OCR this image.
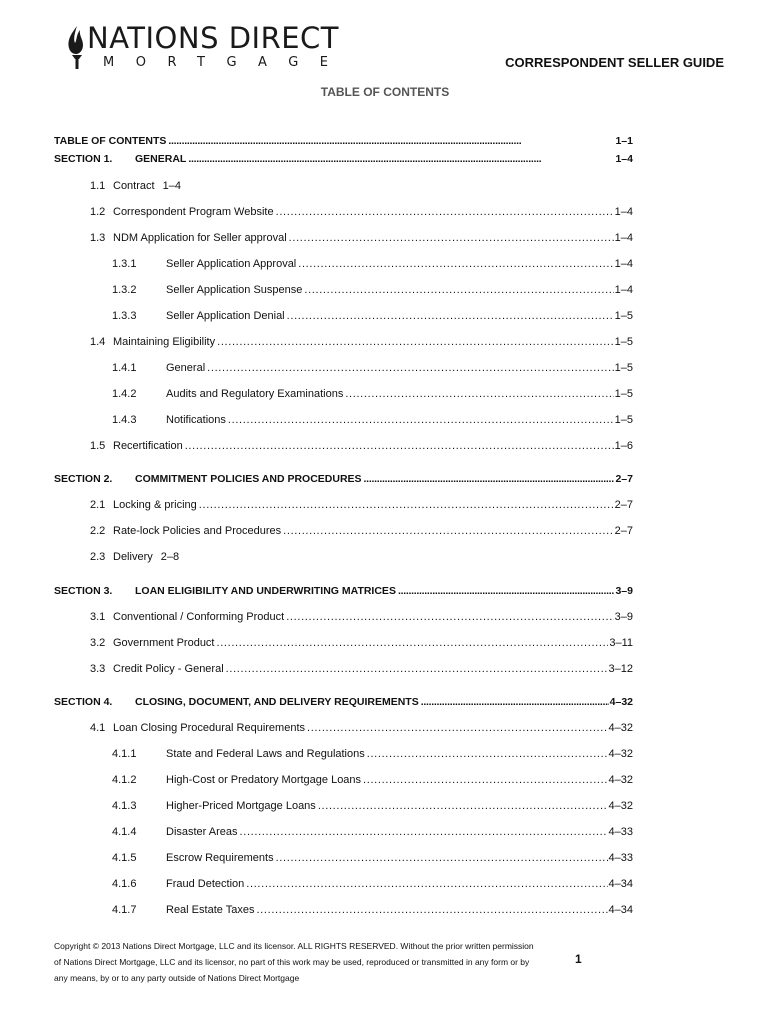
NATIONS DIRECT
MORTGAGE	CORRESPONDENT SELLER GUIDE
TABLE OF CONTENTS
TABLE OF CONTENTS . . .	1–1
SECTION 1.	GENERAL . . .	1–4
1.1 Contract 1–4
1.2 Correspondent Program Website . . .	1–4
1.3 NDM Application for Seller approval . . .	1–4
1.3.1	Seller Application Approval . . .	1–4
1.3.2	Seller Application Suspense . . .	1–4
1.3.3	Seller Application Denial . . .	1–5
1.4 Maintaining Eligibility . . .	1–5
1.4.1	General . . .	1–5
1.4.2	Audits and Regulatory Examinations . . .	1–5
1.4.3	Notifications . . .	1–5
1.5 Recertification . . .	1–6
SECTION 2.	COMMITMENT POLICIES AND PROCEDURES . . .	2–7
2.1 Locking & pricing . . .	2–7
2.2 Rate-lock Policies and Procedures . . .	2–7
2.3 Delivery 2–8
SECTION 3.	LOAN ELIGIBILITY AND UNDERWRITING MATRICES . . .	3–9
3.1 Conventional / Conforming Product . . .	3–9
3.2 Government Product . . .	3–11
3.3 Credit Policy - General . . .	3–12
SECTION 4.	CLOSING, DOCUMENT, AND DELIVERY REQUIREMENTS . . .	4–32
4.1 Loan Closing Procedural Requirements . . .	4–32
4.1.1	State and Federal Laws and Regulations . . .	4–32
4.1.2	High-Cost or Predatory Mortgage Loans . . .	4–32
4.1.3	Higher-Priced Mortgage Loans . . .	4–32
4.1.4	Disaster Areas . . .	4–33
4.1.5	Escrow Requirements . . .	4–33
4.1.6	Fraud Detection . . .	4–34
4.1.7	Real Estate Taxes . . .	4–34
Copyright © 2013 Nations Direct Mortgage, LLC and its licensor. ALL RIGHTS RESERVED. Without the prior written permission of Nations Direct Mortgage, LLC and its licensor, no part of this work may be used, reproduced or transmitted in any form or by any means, by or to any party outside of Nations Direct Mortgage
1
